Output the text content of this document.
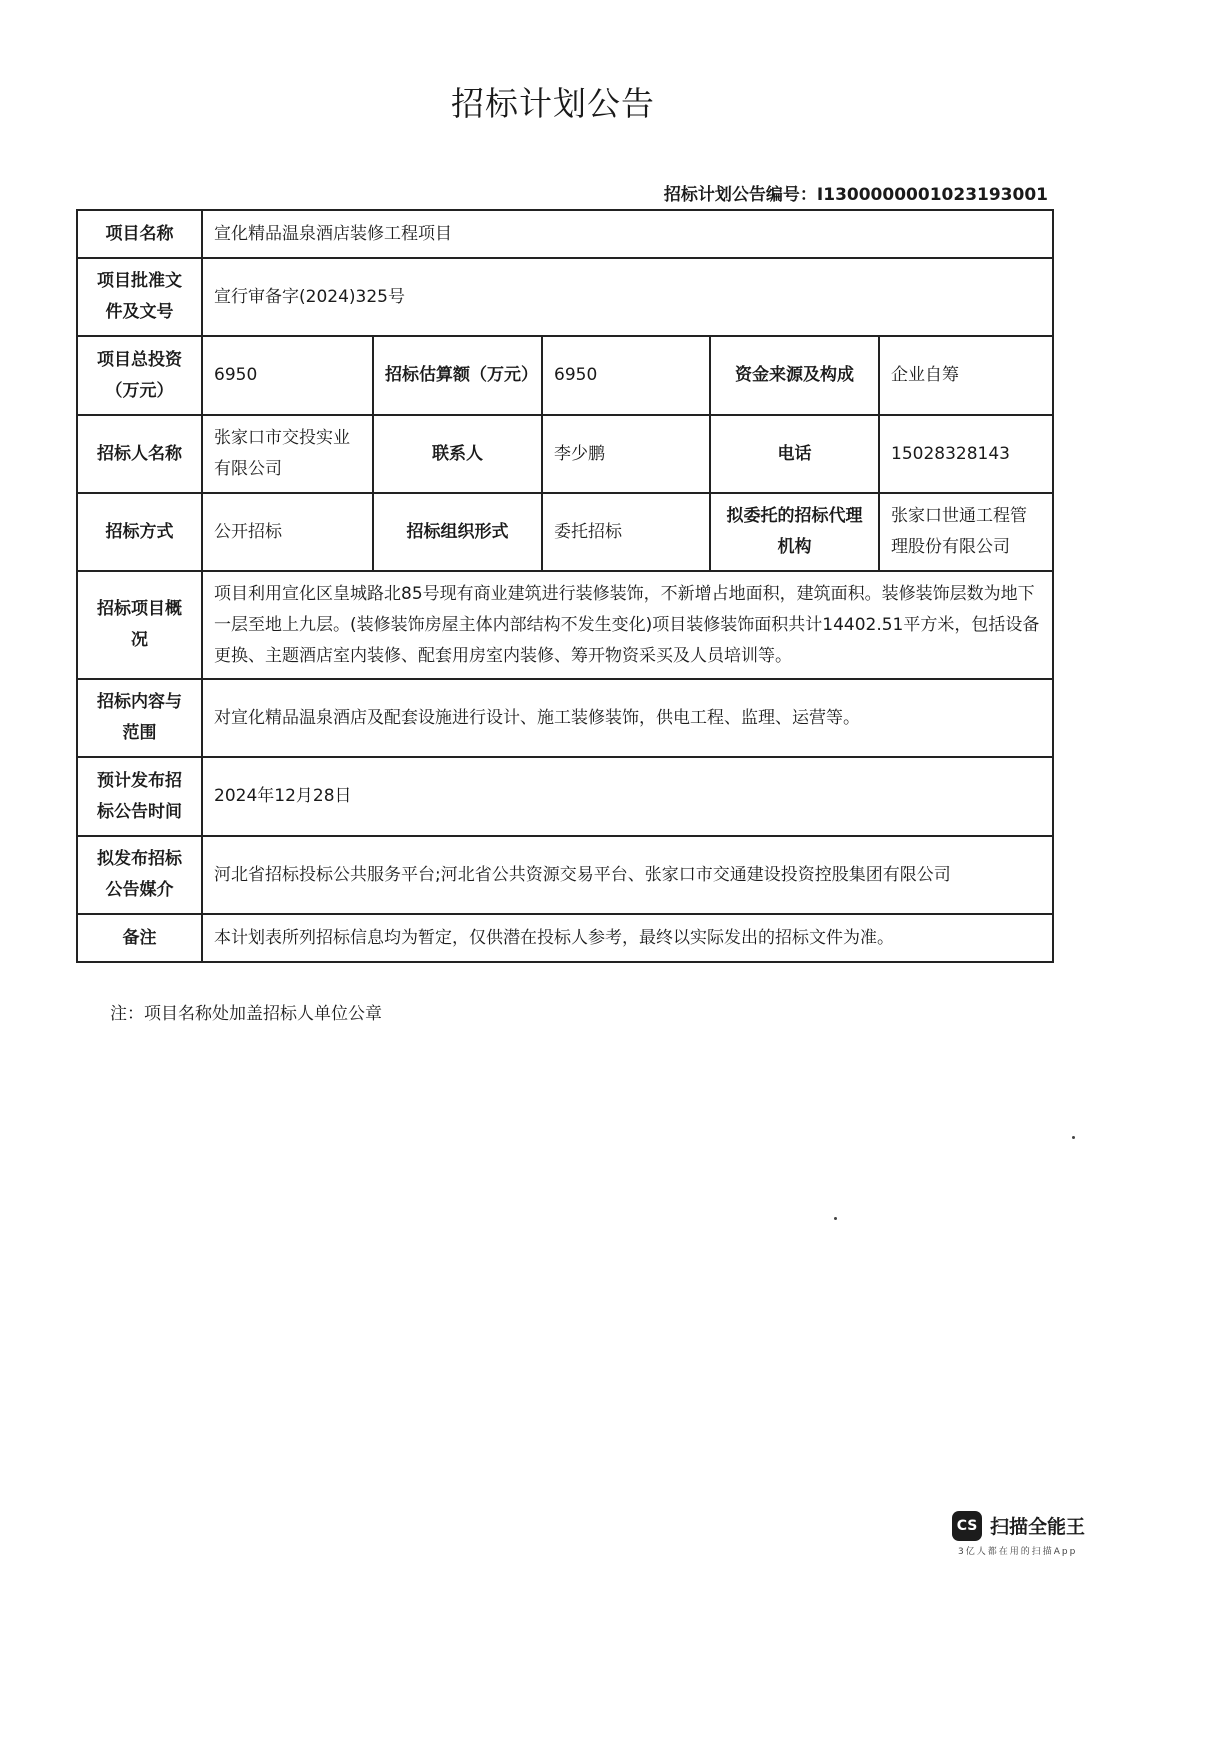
招标计划公告
招标计划公告编号：I1300000001023193001
项目名称	宣化精品温泉酒店装修工程项目				
项目批准文件及文号	宣行审备字(2024)325号				
项目总投资（万元）	6950	招标估算额（万元）	6950	资金来源及构成	企业自筹
招标人名称	张家口市交投实业有限公司	联系人	李少鹏	电话	15028328143
招标方式	公开招标	招标组织形式	委托招标	拟委托的招标代理机构	张家口世通工程管理股份有限公司
招标项目概况	项目利用宣化区皇城路北85号现有商业建筑进行装修装饰，不新增占地面积，建筑面积。装修装饰层数为地下一层至地上九层。(装修装饰房屋主体内部结构不发生变化)项目装修装饰面积共计14402.51平方米，包括设备更换、主题酒店室内装修、配套用房室内装修、筹开物资采买及人员培训等。				
招标内容与范围	对宣化精品温泉酒店及配套设施进行设计、施工装修装饰，供电工程、监理、运营等。				
预计发布招标公告时间	2024年12月28日				
拟发布招标公告媒介	河北省招标投标公共服务平台;河北省公共资源交易平台、张家口市交通建设投资控股集团有限公司				
备注	本计划表所列招标信息均为暂定，仅供潜在投标人参考，最终以实际发出的招标文件为准。				
注：项目名称处加盖招标人单位公章
CS 扫描全能王
3亿人都在用的扫描App
